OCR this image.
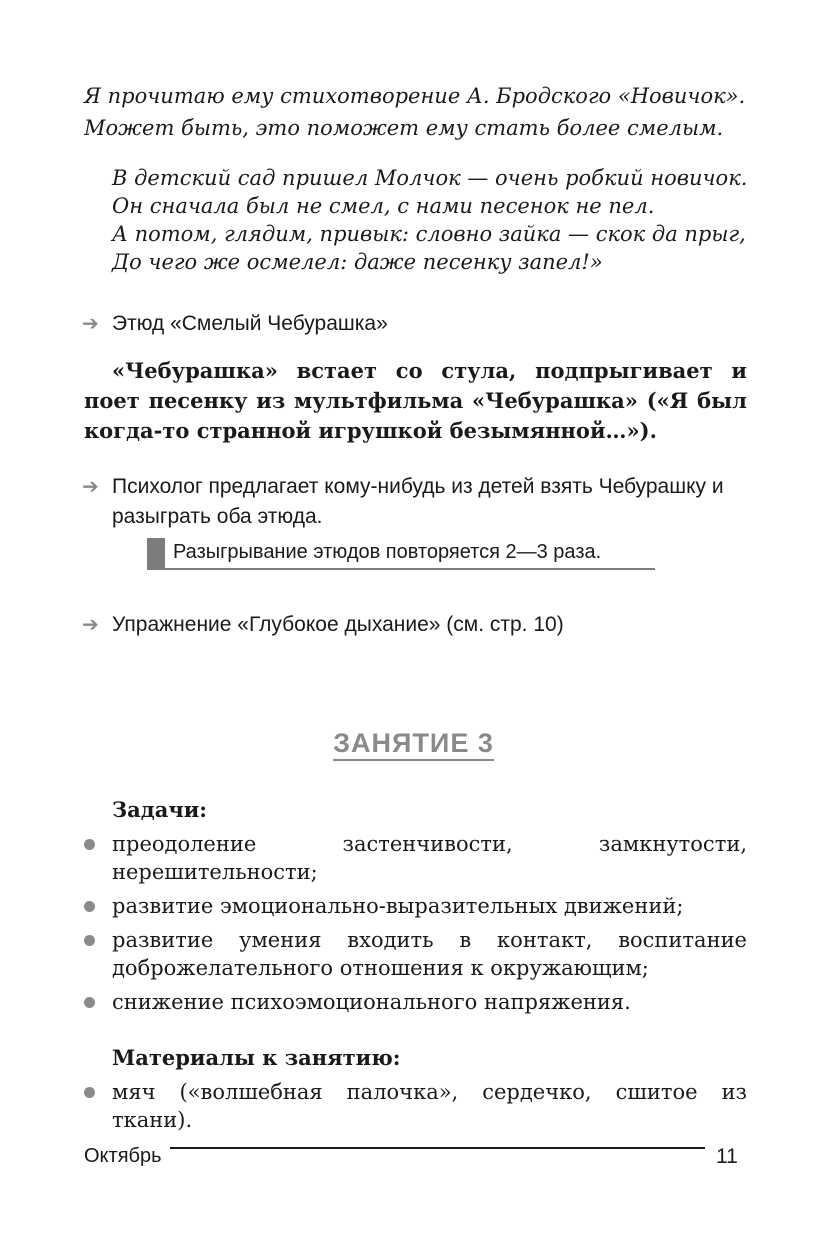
Я прочитаю ему стихотворение А. Бродского «Новичок».
Может быть, это поможет ему стать более смелым.
В детский сад пришел Молчок — очень робкий новичок.
Он сначала был не смел, с нами песенок не пел.
А потом, глядим, привык: словно зайка — скок да прыг,
До чего же осмелел: даже песенку запел!»
➔ Этюд «Смелый Чебурашка»
«Чебурашка» встает со стула, подпрыгивает и поет песенку из мультфильма «Чебурашка» («Я был когда-то странной игрушкой безымянной…»).
➔ Психолог предлагает кому-нибудь из детей взять Чебурашку и разыграть оба этюда.
Разыгрывание этюдов повторяется 2—3 раза.
➔ Упражнение «Глубокое дыхание» (см. стр. 10)
ЗАНЯТИЕ 3
Задачи:
преодоление застенчивости, замкнутости, нерешительности;
развитие эмоционально-выразительных движений;
развитие умения входить в контакт, воспитание доброжелательного отношения к окружающим;
снижение психоэмоционального напряжения.
Материалы к занятию:
мяч («волшебная палочка», сердечко, сшитое из ткани).
Октябрь	11
